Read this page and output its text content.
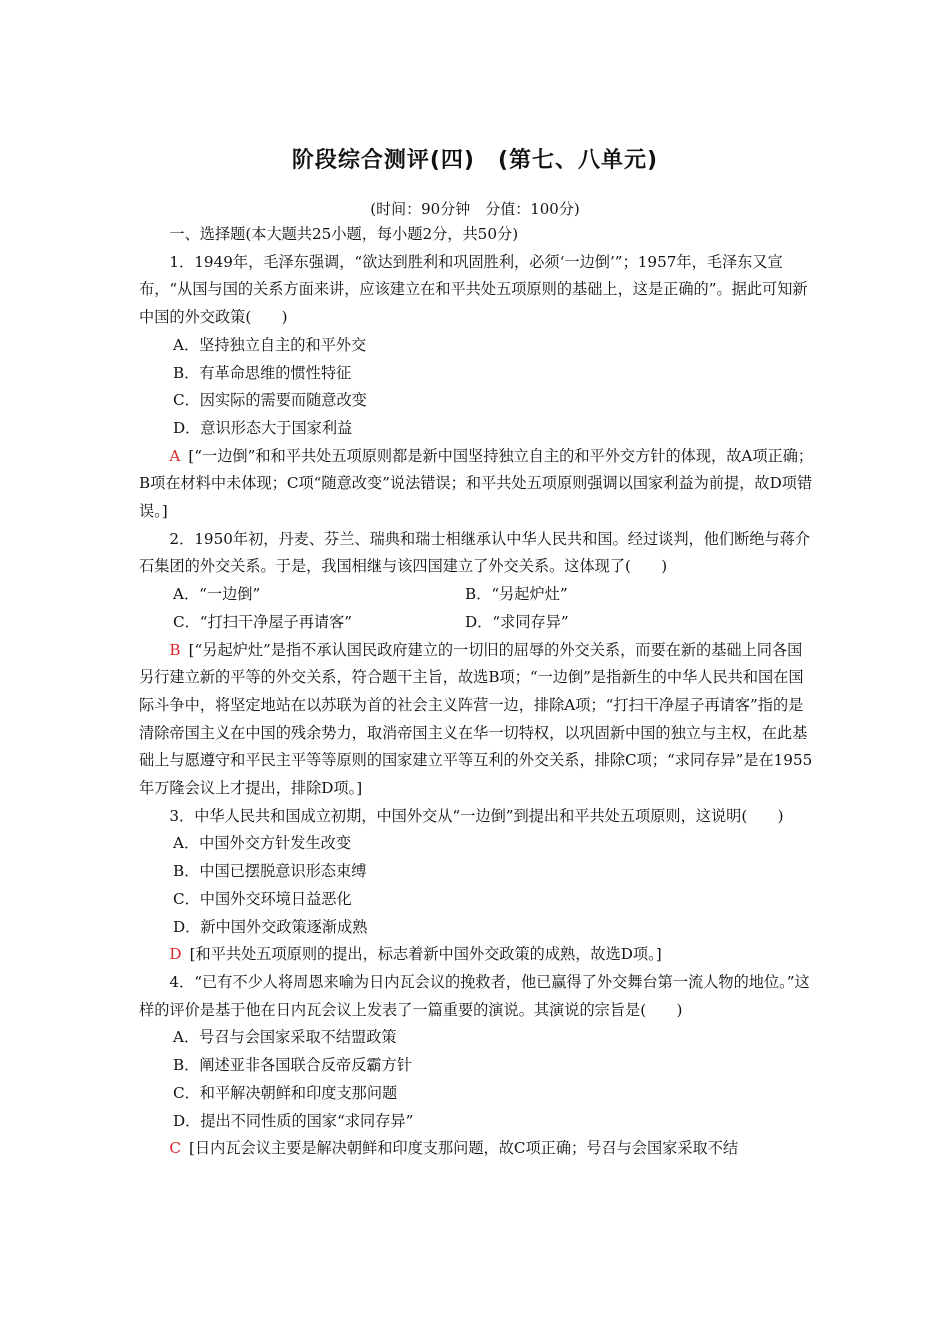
阶段综合测评(四)　(第七、八单元)
(时间：90分钟　分值：100分)

一、选择题(本大题共25小题，每小题2分，共50分)

1．1949年，毛泽东强调，“欲达到胜利和巩固胜利，必须‘一边倒’”；1957年，毛泽东又宣布，“从国与国的关系方面来讲，应该建立在和平共处五项原则的基础上，这是正确的”。据此可知新中国的外交政策(　　)

A．坚持独立自主的和平外交

B．有革命思维的惯性特征

C．因实际的需要而随意改变

D．意识形态大于国家利益

A [“一边倒”和和平共处五项原则都是新中国坚持独立自主的和平外交方针的体现，故A项正确；B项在材料中未体现；C项“随意改变”说法错误；和平共处五项原则强调以国家利益为前提，故D项错误。]

2．1950年初，丹麦、芬兰、瑞典和瑞士相继承认中华人民共和国。经过谈判，他们断绝与蒋介石集团的外交关系。于是，我国相继与该四国建立了外交关系。这体现了(　　)

A．“一边倒”	B．“另起炉灶”
C．“打扫干净屋子再请客”	D．“求同存异”

B [“另起炉灶”是指不承认国民政府建立的一切旧的屈辱的外交关系，而要在新的基础上同各国另行建立新的平等的外交关系，符合题干主旨，故选B项；“一边倒”是指新生的中华人民共和国在国际斗争中，将坚定地站在以苏联为首的社会主义阵营一边，排除A项；“打扫干净屋子再请客”指的是清除帝国主义在中国的残余势力，取消帝国主义在华一切特权，以巩固新中国的独立与主权，在此基础上与愿遵守和平民主平等等原则的国家建立平等互利的外交关系，排除C项；“求同存异”是在1955年万隆会议上才提出，排除D项。]

3．中华人民共和国成立初期，中国外交从“一边倒”到提出和平共处五项原则，这说明(　　)

A．中国外交方针发生改变

B．中国已摆脱意识形态束缚

C．中国外交环境日益恶化

D．新中国外交政策逐渐成熟

D [和平共处五项原则的提出，标志着新中国外交政策的成熟，故选D项。]

4．“已有不少人将周恩来喻为日内瓦会议的挽救者，他已赢得了外交舞台第一流人物的地位。”这样的评价是基于他在日内瓦会议上发表了一篇重要的演说。其演说的宗旨是(　　)

A．号召与会国家采取不结盟政策

B．阐述亚非各国联合反帝反霸方针

C．和平解决朝鲜和印度支那问题

D．提出不同性质的国家“求同存异”

C [日内瓦会议主要是解决朝鲜和印度支那问题，故C项正确；号召与会国家采取不结
